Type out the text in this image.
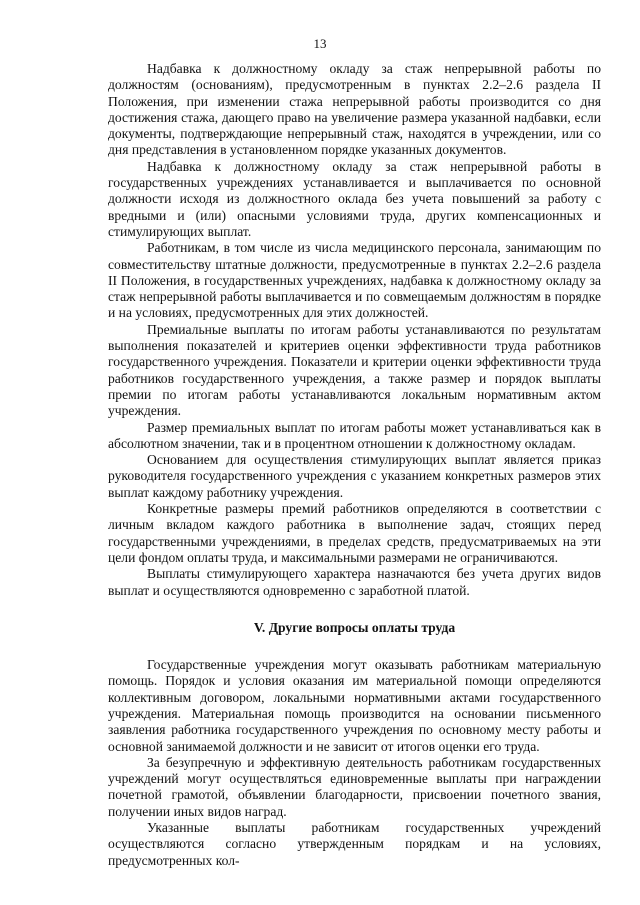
13

Надбавка к должностному окладу за стаж непрерывной работы по должностям (основаниям), предусмотренным в пунктах 2.2–2.6 раздела II Положения, при изменении стажа непрерывной работы производится со дня достижения стажа, дающего право на увеличение размера указанной надбавки, если документы, подтверждающие непрерывный стаж, находятся в учреждении, или со дня представления в установленном порядке указанных документов.

Надбавка к должностному окладу за стаж непрерывной работы в государственных учреждениях устанавливается и выплачивается по основной должности исходя из должностного оклада без учета повышений за работу с вредными и (или) опасными условиями труда, других компенсационных и стимулирующих выплат.

Работникам, в том числе из числа медицинского персонала, занимающим по совместительству штатные должности, предусмотренные в пунктах 2.2–2.6 раздела II Положения, в государственных учреждениях, надбавка к должностному окладу за стаж непрерывной работы выплачивается и по совмещаемым должностям в порядке и на условиях, предусмотренных для этих должностей.

Премиальные выплаты по итогам работы устанавливаются по результатам выполнения показателей и критериев оценки эффективности труда работников государственного учреждения. Показатели и критерии оценки эффективности труда работников государственного учреждения, а также размер и порядок выплаты премии по итогам работы устанавливаются локальным нормативным актом учреждения.

Размер премиальных выплат по итогам работы может устанавливаться как в абсолютном значении, так и в процентном отношении к должностному окладам.

Основанием для осуществления стимулирующих выплат является приказ руководителя государственного учреждения с указанием конкретных размеров этих выплат каждому работнику учреждения.

Конкретные размеры премий работников определяются в соответствии с личным вкладом каждого работника в выполнение задач, стоящих перед государственными учреждениями, в пределах средств, предусматриваемых на эти цели фондом оплаты труда, и максимальными размерами не ограничиваются.

Выплаты стимулирующего характера назначаются без учета других видов выплат и осуществляются одновременно с заработной платой.

V. Другие вопросы оплаты труда

Государственные учреждения могут оказывать работникам материальную помощь. Порядок и условия оказания им материальной помощи определяются коллективным договором, локальными нормативными актами государственного учреждения. Материальная помощь производится на основании письменного заявления работника государственного учреждения по основному месту работы и основной занимаемой должности и не зависит от итогов оценки его труда.

За безупречную и эффективную деятельность работникам государственных учреждений могут осуществляться единовременные выплаты при награждении почетной грамотой, объявлении благодарности, присвоении почетного звания, получении иных видов наград.

Указанные выплаты работникам государственных учреждений осуществляются согласно утвержденным порядкам и на условиях, предусмотренных кол-
